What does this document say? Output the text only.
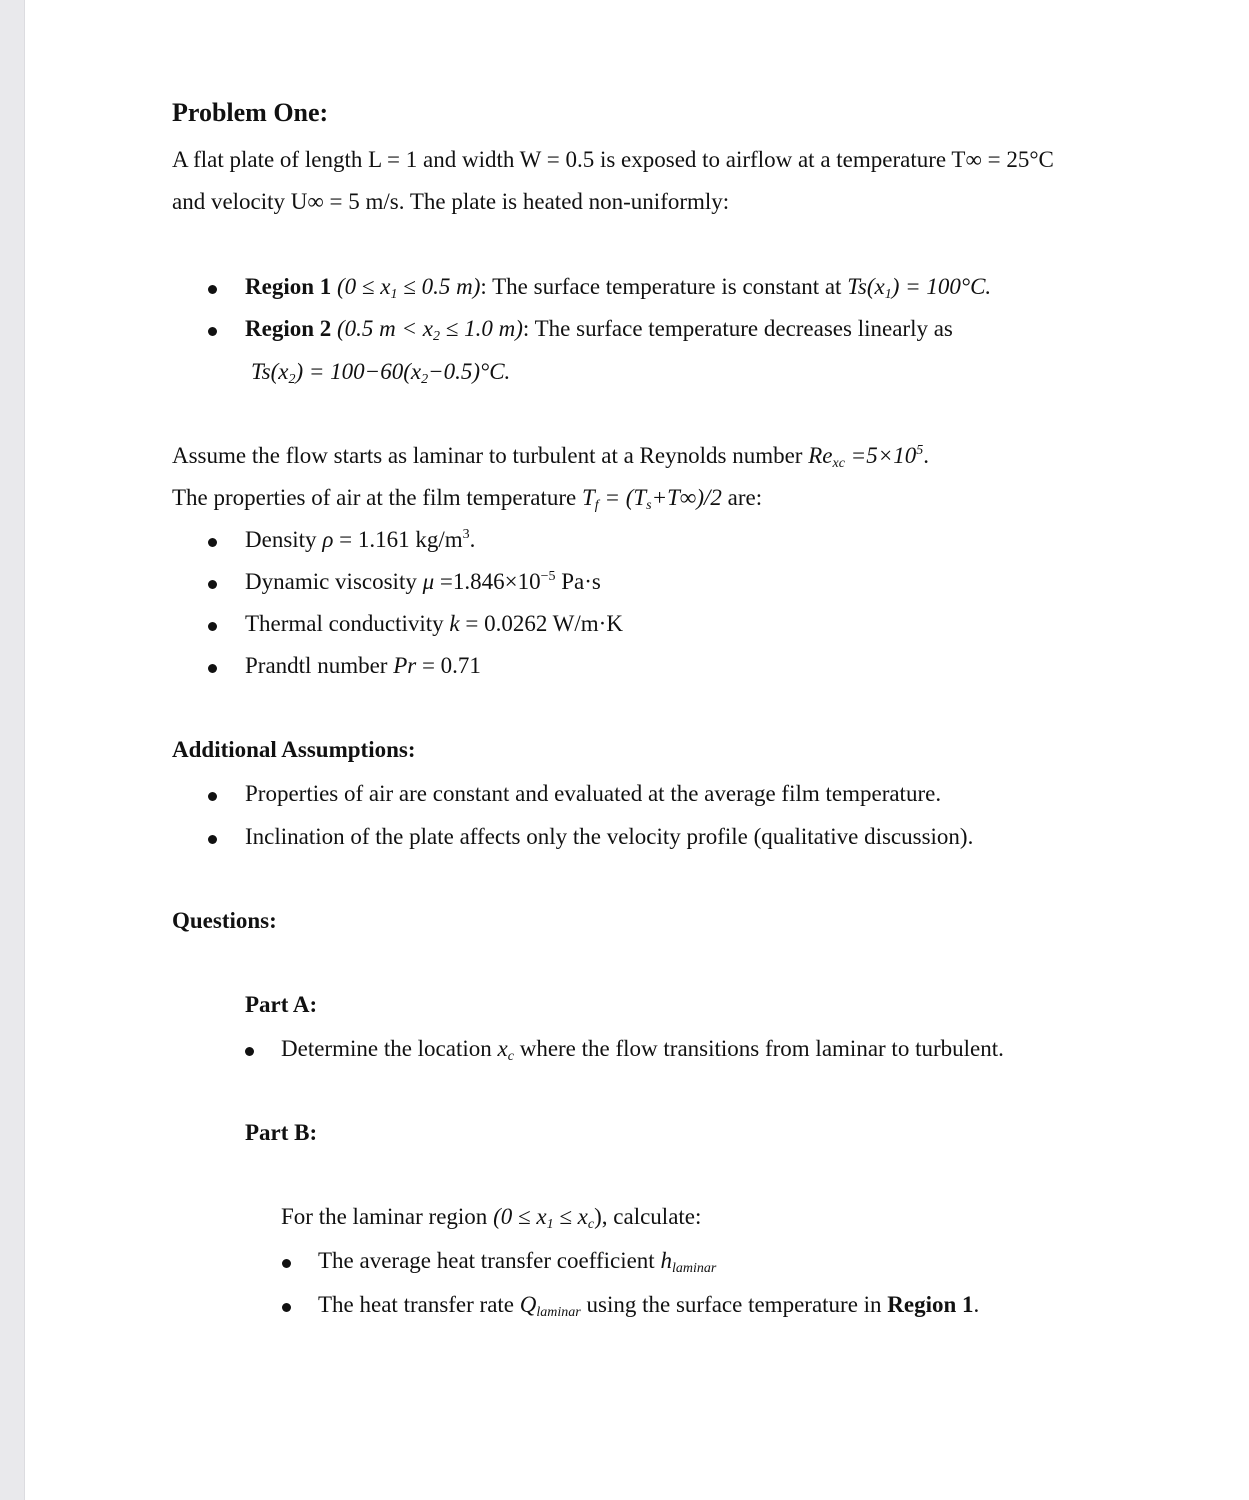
Problem One:
A flat plate of length L = 1 and width W = 0.5 is exposed to airflow at a temperature T∞ = 25°C
and velocity U∞ = 5 m/s. The plate is heated non-uniformly:
Region 1 ($0 \le x_1 \le 0.5$ m): The surface temperature is constant at $Ts(x_1) = 100^\circ C$.
Region 2 (0.5 $m < x_2 \le 1.0$ m): The surface temperature decreases linearly as
$Ts(x_2) = 100-60(x_2-0.5)^\circ C$.
Assume the flow starts as laminar to turbulent at a Reynolds number $Re_{xc} =5\times 10^5$.
The properties of air at the film temperature $T_f = (T_s+T\infty)/2$ are:
Density ρ = 1.161 $kg/m^3$.
Dynamic viscosity $\mu =1.846\times 10^{-5}$ Pa·s
Thermal conductivity k = 0.0262 W/m·K
Prandtl number Pr = 0.71
Additional Assumptions:
Properties of air are constant and evaluated at the average film temperature.
Inclination of the plate affects only the velocity profile (qualitative discussion).
Questions:
Part A:
Determine the location $x_c$ where the flow transitions from laminar to turbulent.
Part B:
For the laminar region $(0 \le x_1 \le x_c)$, calculate:
The average heat transfer coefficient $h_{laminar}$
The heat transfer rate $Q_{laminar}$ using the surface temperature in Region 1.
